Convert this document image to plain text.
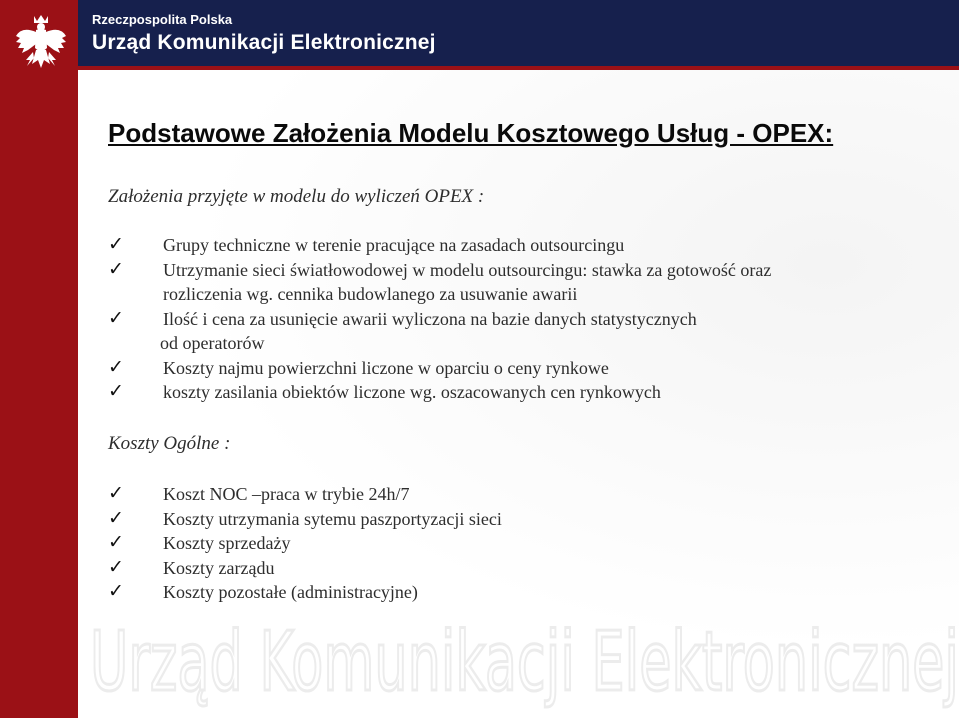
Rzeczpospolita Polska
Urząd Komunikacji Elektronicznej
Urząd Komunikacji Elektronicznej
Podstawowe Założenia Modelu Kosztowego Usług - OPEX:

Założenia przyjęte w modelu do wyliczeń OPEX :

✓ Grupy techniczne w terenie pracujące na zasadach outsourcingu
✓ Utrzymanie sieci światłowodowej w modelu outsourcingu: stawka za gotowość oraz
rozliczenia wg. cennika budowlanego za usuwanie awarii
✓ Ilość i cena za usunięcie awarii wyliczona na bazie danych statystycznych
od operatorów
✓ Koszty najmu powierzchni liczone w oparciu o ceny rynkowe
✓ koszty zasilania obiektów liczone wg. oszacowanych cen rynkowych

Koszty Ogólne :

✓ Koszt NOC –praca w trybie 24h/7
✓ Koszty utrzymania sytemu paszportyzacji sieci
✓ Koszty sprzedaży
✓ Koszty zarządu
✓ Koszty pozostałe (administracyjne)
